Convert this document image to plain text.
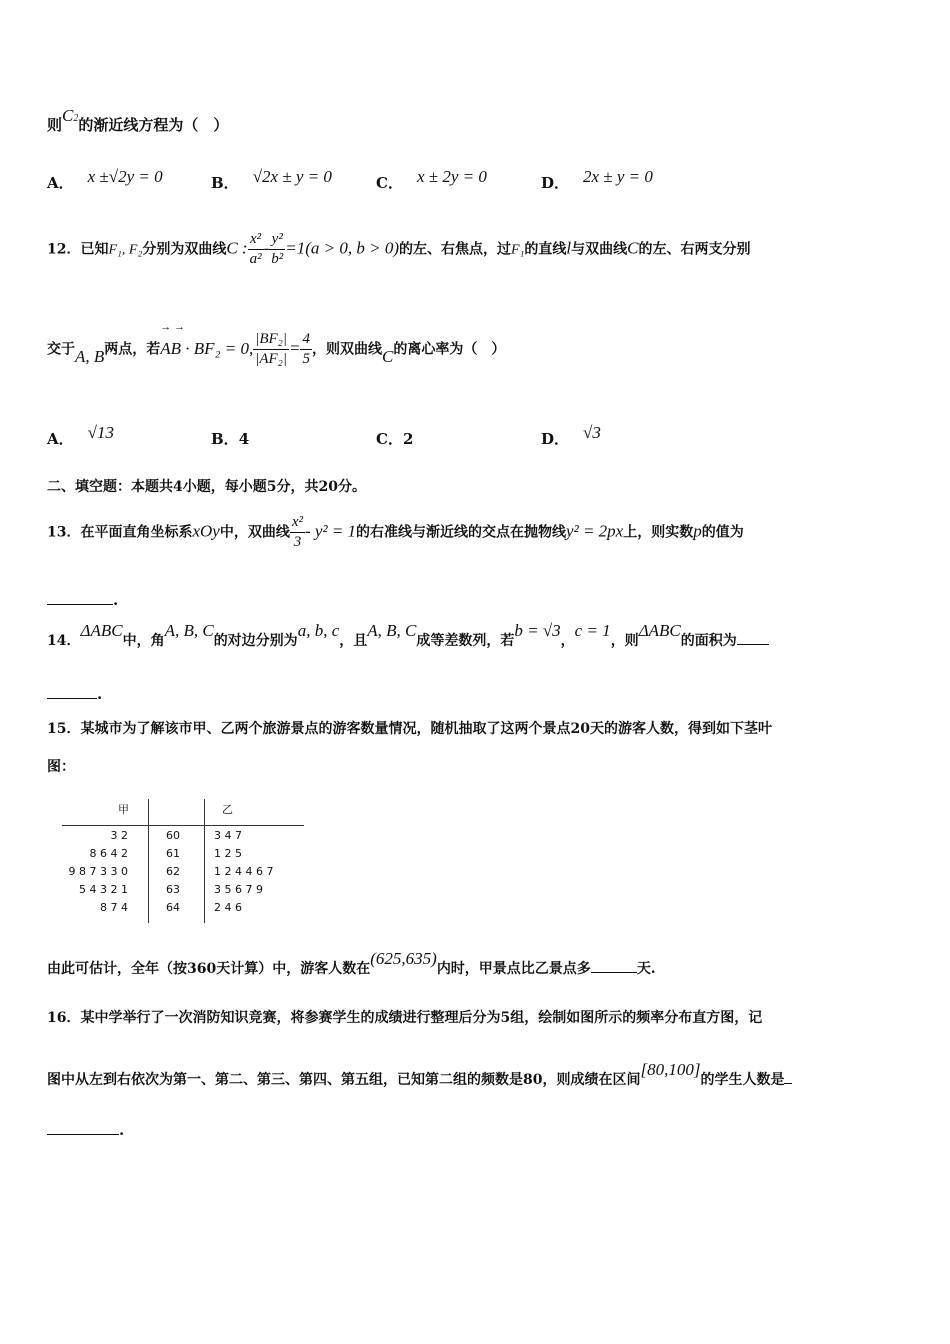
则C2的渐近线方程为（　）
A． x ±√2y = 0	B． √2x ± y = 0	C． x ± 2y = 0	D． 2x ± y = 0
12．已知F₁, F₂分别为双曲线C : $\frac{\text{x²}}{\text{a²}} - \frac{\text{y²}}{\text{b²}} =1(a > 0$, b > 0)的左、右焦点，过F₁的直线l与双曲线C的左、右两支分别
交于A, B两点，若
→ →
AB · BF₂ = 0, $\frac{\text{|BF₂|}}{\text{|AF₂|}} = \frac{4}{5}$ ，则双曲线C的离心率为（　）
A． √13	B．4	C．2	D． √3
二、填空题：本题共4小题，每小题5分，共20分。
13．在平面直角坐标系xOy中，双曲线 $\frac{\text{x²}}{3} - y^2 = 1$的右准线与渐近线的交点在抛物线y² = 2px上，则实数p的值为
.
14．ΔABC中，角A, B, C的对边分别为a, b, c，且A, B, C成等差数列，若b = √3，c = 1，则ΔABC的面积为
.
15．某城市为了解该市甲、乙两个旅游景点的游客数量情况，随机抽取了这两个景点20天的游客人数，得到如下茎叶
图：
甲	乙
3 2	60	3 4 7
8 6 4 2	61	1 2 5
9 8 7 3 3 0	62	1 2 4 4 6 7
5 4 3 2 1	63	3 5 6 7 9
8 7 4	64	2 4 6
由此可估计，全年（按360天计算）中，游客人数在(625,635)内时，甲景点比乙景点多	天.
16．某中学举行了一次消防知识竞赛，将参赛学生的成绩进行整理后分为5组，绘制如图所示的频率分布直方图，记
图中从左到右依次为第一、第二、第三、第四、第五组，已知第二组的频数是80，则成绩在区间[80,100]的学生人数是
.
